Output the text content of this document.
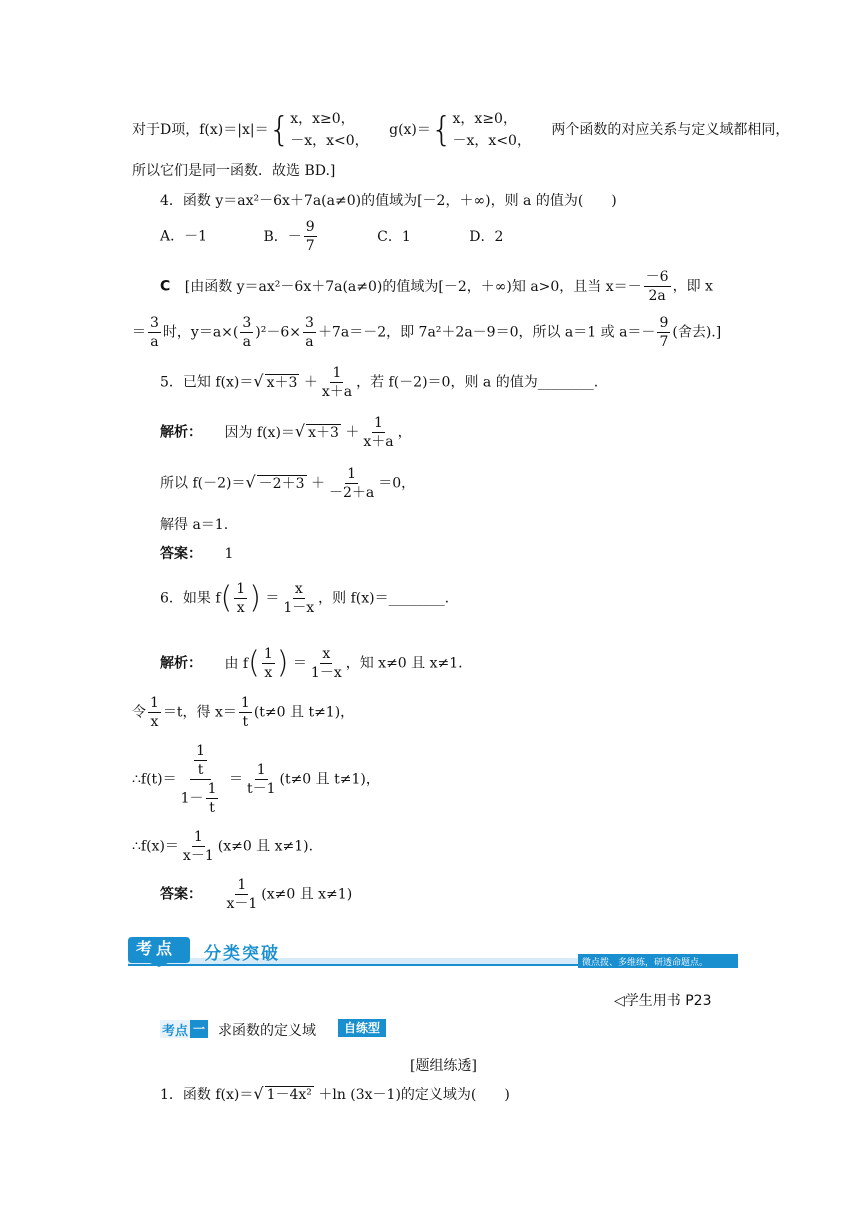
对于D项，f(x)＝|x|＝{ x，x≥0，
－x，x<0，
g(x)＝{ x，x≥0，
－x，x<0，
两个函数的对应关系与定义域都相同，
所以它们是同一函数．故选 BD.]
4．函数 y＝ax²－6x＋7a(a≠0)的值域为[－2，＋∞)，则 a 的值为(　　)
A．－1	B．－ $\frac{9}{7}$	C．1	D．2
C [由函数 y＝ax²－6x＋7a(a≠0)的值域为[－2，＋∞)知 a>0，且当 $x=- \frac{-6}{2a}$ ，即 x
＝ $\frac{3}{a}$ 时，$y=a\times( \frac{3}{a} )^2-6\times \frac{3}{a} +7a=-2$，即 7a²＋2a－9＝0，所以 a＝1 或 $a=- \frac{9}{7}$ (舍去).]
5．已知 f(x)＝√ $x+3 + \frac{1}{x+a}$ ，若 f(－2)＝0，则 a 的值为________.
解析： 因为 f(x)＝√ $x+3 + \frac{1}{x+a}$ ，
所以 $f(-2)=√ -2+3 + \frac{1}{-2+a} =0$，
解得 a＝1.
答案： 1
6．如果 $f( \frac{1}{x}$ ) ＝ $\frac{x}{1-x}$ ，则 f(x)＝________.
解析： 由 $f( \frac{1}{x}$ ) ＝ $\frac{x}{1-x}$ ，知 x≠0 且 x≠1.
令 $\frac{1}{x} =t$，得 $x= \frac{1}{t} (t\ne 0$ 且 t≠1)，
∴f(t)＝ $\frac{\frac{1}{t}}{1- \frac{1}{t}} = \frac{1}{t-1} (t\ne 0$ 且 t≠1)，
∴f(x)＝ $\frac{1}{x-1} (x\ne 0$ 且 x≠1).
答案： $\frac{1}{x-1} (x\ne 0$ 且 x≠1)
考点 分类突破	微点拨、多维练，研透命题点。
◁学生用书 P23
考点 一 求函数的定义域	自练型
[题组练透]
1．函数 f(x)＝√ 1－4x² ＋ln (3x－1)的定义域为(　　)
